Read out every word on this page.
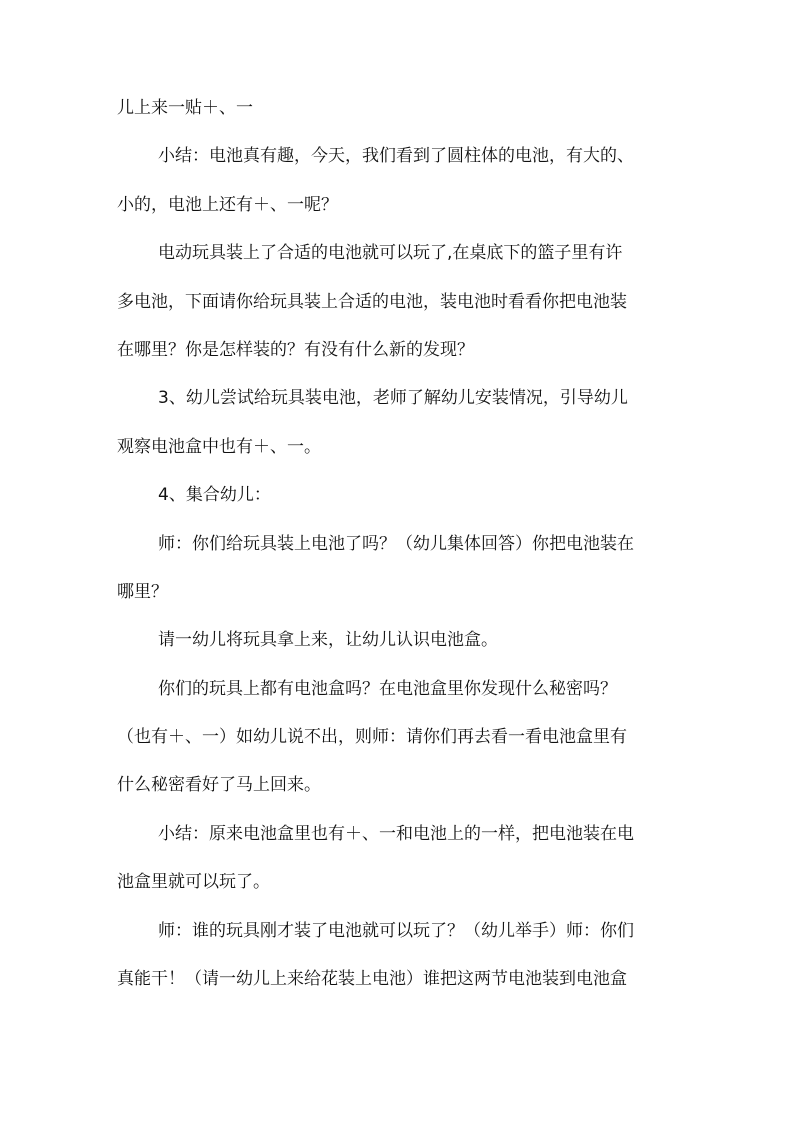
儿上来一贴＋、一
小结：电池真有趣，今天，我们看到了圆柱体的电池，有大的、
小的，电池上还有＋、一呢？
电动玩具装上了合适的电池就可以玩了,在桌底下的篮子里有许
多电池，下面请你给玩具装上合适的电池，装电池时看看你把电池装
在哪里？你是怎样装的？有没有什么新的发现？
3、幼儿尝试给玩具装电池，老师了解幼儿安装情况，引导幼儿
观察电池盒中也有＋、一。
4、集合幼儿：
师：你们给玩具装上电池了吗？（幼儿集体回答）你把电池装在
哪里？
请一幼儿将玩具拿上来，让幼儿认识电池盒。
你们的玩具上都有电池盒吗？在电池盒里你发现什么秘密吗？
（也有＋、一）如幼儿说不出，则师：请你们再去看一看电池盒里有
什么秘密看好了马上回来。
小结：原来电池盒里也有＋、一和电池上的一样，把电池装在电
池盒里就可以玩了。
师：谁的玩具刚才装了电池就可以玩了？（幼儿举手）师：你们
真能干！（请一幼儿上来给花装上电池）谁把这两节电池装到电池盒
